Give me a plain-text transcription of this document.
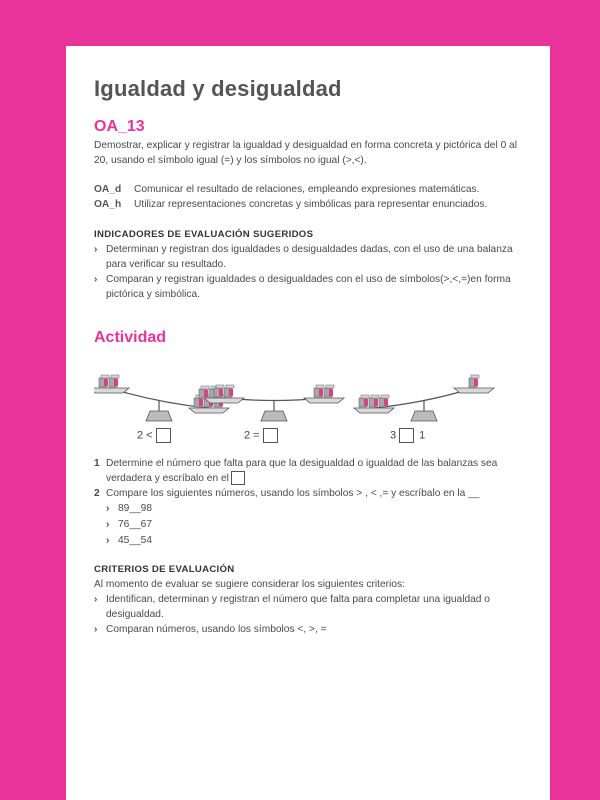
Igualdad y desigualdad
OA_13
Demostrar, explicar y registrar la igualdad y desigualdad en forma concreta y pictórica del 0 al 20, usando el símbolo igual (=) y los símbolos no igual (>,<).
OA_d	Comunicar el resultado de relaciones, empleando expresiones matemáticas.
OA_h	Utilizar representaciones concretas y simbólicas para representar enunciados.
INDICADORES DE EVALUACIÓN SUGERIDOS
› Determinan y registran dos igualdades o desigualdades dadas, con el uso de una balanza para verificar su resultado.
› Comparan y registran igualdades o desigualdades con el uso de símbolos(>,<,=)en forma pictórica y simbólica.
Actividad
2 <	2 =	3 1
1 Determine el número que falta para que la desigualdad o igualdad de las balanzas sea
verdadera y escríbalo en el
2 Compare los siguientes números, usando los símbolos > , < ,= y escríbalo en la __
› 89__98
› 76__67
› 45__54
CRITERIOS DE EVALUACIÓN
Al momento de evaluar se sugiere considerar los siguientes criterios:
› Identifican, determinan y registran el número que falta para completar una igualdad o desigualdad.
› Comparan números, usando los símbolos <, >, =
